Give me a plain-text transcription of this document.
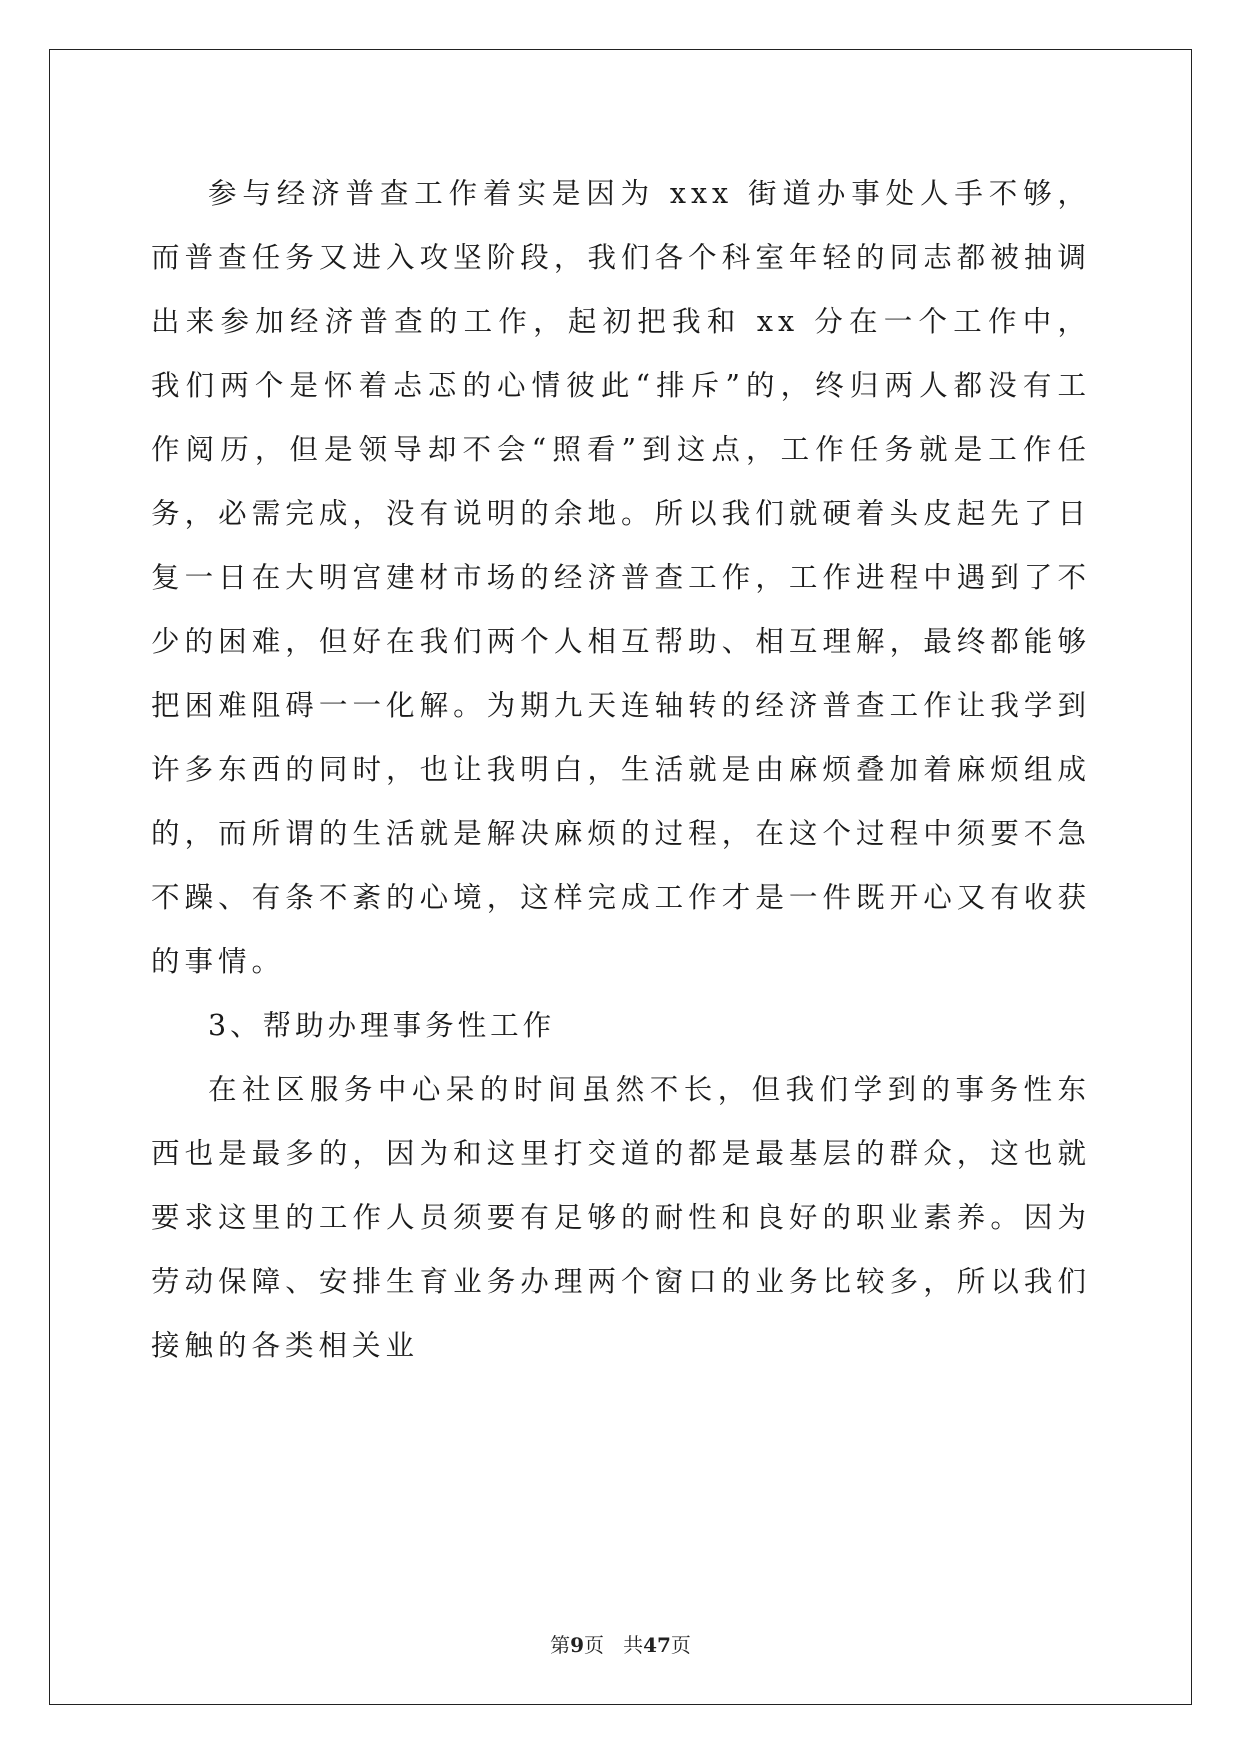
参与经济普查工作着实是因为 xxx 街道办事处人手不够，而普查任务又进入攻坚阶段，我们各个科室年轻的同志都被抽调出来参加经济普查的工作，起初把我和 xx 分在一个工作中，我们两个是怀着忐忑的心情彼此“排斥”的，终归两人都没有工作阅历，但是领导却不会“照看”到这点，工作任务就是工作任务，必需完成，没有说明的余地。所以我们就硬着头皮起先了日复一日在大明宫建材市场的经济普查工作，工作进程中遇到了不少的困难，但好在我们两个人相互帮助、相互理解，最终都能够把困难阻碍一一化解。为期九天连轴转的经济普查工作让我学到许多东西的同时，也让我明白，生活就是由麻烦叠加着麻烦组成的，而所谓的生活就是解决麻烦的过程，在这个过程中须要不急不躁、有条不紊的心境，这样完成工作才是一件既开心又有收获的事情。

3、帮助办理事务性工作

在社区服务中心呆的时间虽然不长，但我们学到的事务性东西也是最多的，因为和这里打交道的都是最基层的群众，这也就要求这里的工作人员须要有足够的耐性和良好的职业素养。因为劳动保障、安排生育业务办理两个窗口的业务比较多，所以我们接触的各类相关业

第9页 共47页
